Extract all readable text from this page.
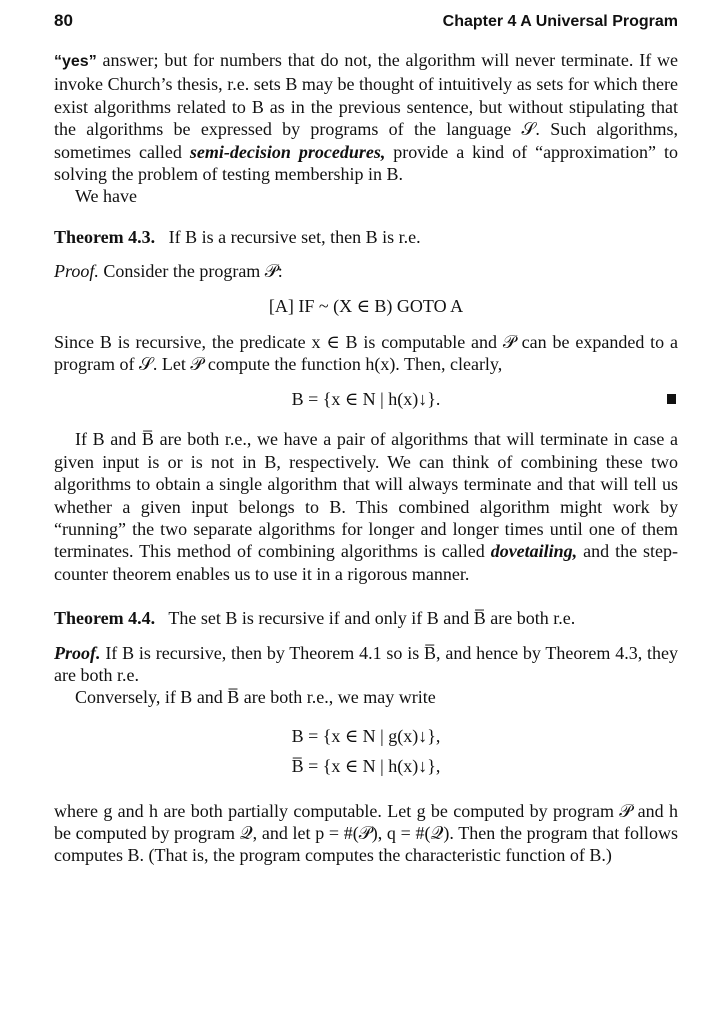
80	Chapter 4 A Universal Program

“yes” answer; but for numbers that do not, the algorithm will never terminate. If we invoke Church’s thesis, r.e. sets B may be thought of intuitively as sets for which there exist algorithms related to B as in the previous sentence, but without stipulating that the algorithms be expressed by programs of the language 𝒮. Such algorithms, sometimes called semi-decision procedures, provide a kind of “approximation” to solving the problem of testing membership in B.

We have

Theorem 4.3. If B is a recursive set, then B is r.e.

Proof. Consider the program 𝒫:

[A] IF ~ (X ∈ B) GOTO A

Since B is recursive, the predicate x ∈ B is computable and 𝒫 can be expanded to a program of 𝒮. Let 𝒫 compute the function h(x). Then, clearly,

B = {x ∈ N | h(x)↓}.

If B and B̅ are both r.e., we have a pair of algorithms that will terminate in case a given input is or is not in B, respectively. We can think of combining these two algorithms to obtain a single algorithm that will always terminate and that will tell us whether a given input belongs to B. This combined algorithm might work by “running” the two separate algorithms for longer and longer times until one of them terminates. This method of combining algorithms is called dovetailing, and the step-counter theorem enables us to use it in a rigorous manner.

Theorem 4.4. The set B is recursive if and only if B and B̅ are both r.e.

Proof. If B is recursive, then by Theorem 4.1 so is B̅, and hence by Theorem 4.3, they are both r.e.

Conversely, if B and B̅ are both r.e., we may write

B = {x ∈ N | g(x)↓},
B̅ = {x ∈ N | h(x)↓},

where g and h are both partially computable. Let g be computed by program 𝒫 and h be computed by program 𝒬, and let p = #(𝒫), q = #(𝒬). Then the program that follows computes B. (That is, the program computes the characteristic function of B.)
